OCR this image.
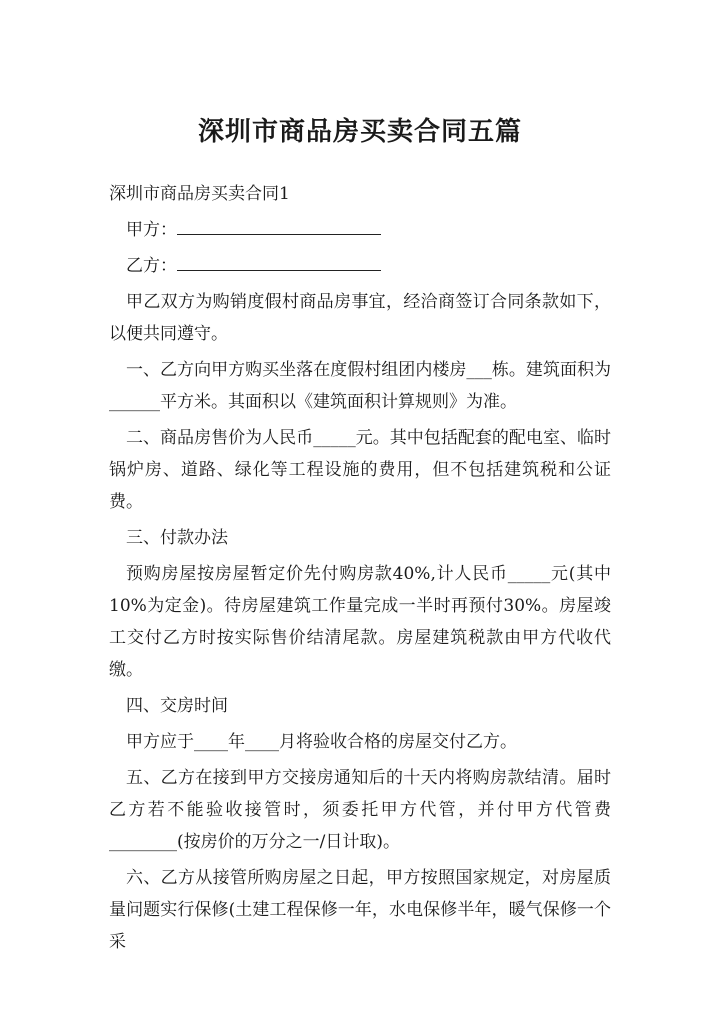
深圳市商品房买卖合同五篇

深圳市商品房买卖合同1

甲方：

乙方：

甲乙双方为购销度假村商品房事宜，经洽商签订合同条款如下，以便共同遵守。

一、乙方向甲方购买坐落在度假村组团内楼房___栋。建筑面积为______平方米。其面积以《建筑面积计算规则》为准。

二、商品房售价为人民币_____元。其中包括配套的配电室、临时锅炉房、道路、绿化等工程设施的费用，但不包括建筑税和公证费。

三、付款办法

预购房屋按房屋暂定价先付购房款40%,计人民币_____元(其中10%为定金)。待房屋建筑工作量完成一半时再预付30%。房屋竣工交付乙方时按实际售价结清尾款。房屋建筑税款由甲方代收代缴。

四、交房时间

甲方应于____年____月将验收合格的房屋交付乙方。

五、乙方在接到甲方交接房通知后的十天内将购房款结清。届时乙方若不能验收接管时，须委托甲方代管，并付甲方代管费________(按房价的万分之一/日计取)。

六、乙方从接管所购房屋之日起，甲方按照国家规定，对房屋质量问题实行保修(土建工程保修一年，水电保修半年，暖气保修一个采
